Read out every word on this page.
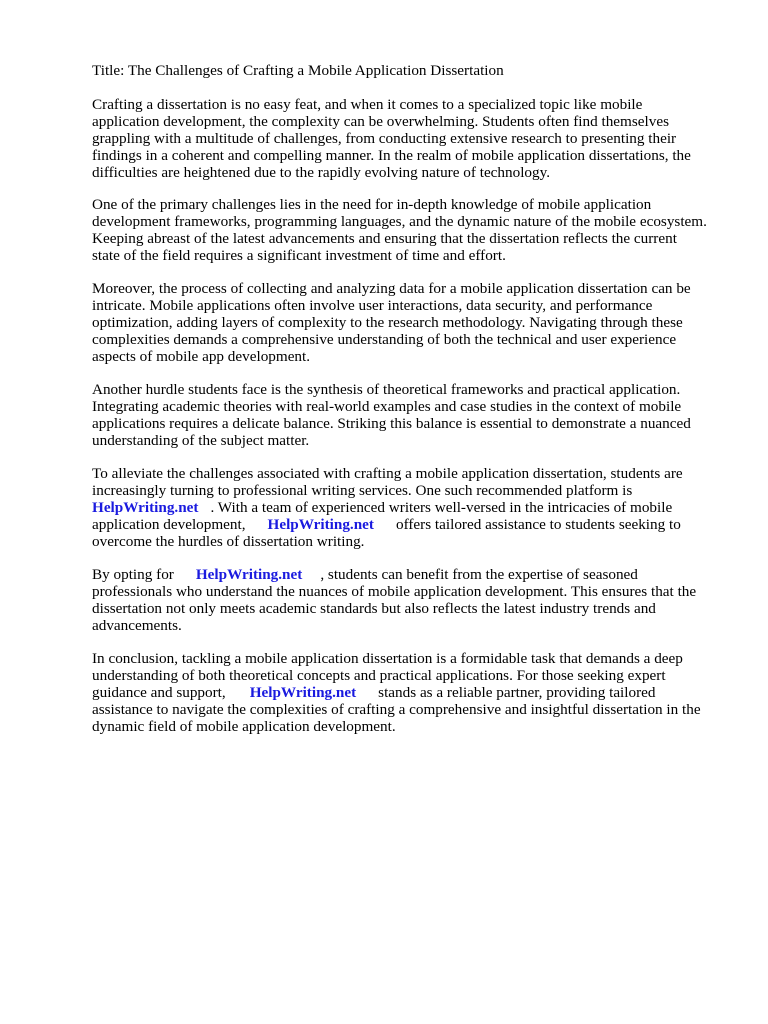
Title: The Challenges of Crafting a Mobile Application Dissertation

Crafting a dissertation is no easy feat, and when it comes to a specialized topic like mobile
application development, the complexity can be overwhelming. Students often find themselves
grappling with a multitude of challenges, from conducting extensive research to presenting their
findings in a coherent and compelling manner. In the realm of mobile application dissertations, the
difficulties are heightened due to the rapidly evolving nature of technology.

One of the primary challenges lies in the need for in-depth knowledge of mobile application
development frameworks, programming languages, and the dynamic nature of the mobile ecosystem.
Keeping abreast of the latest advancements and ensuring that the dissertation reflects the current
state of the field requires a significant investment of time and effort.

Moreover, the process of collecting and analyzing data for a mobile application dissertation can be
intricate. Mobile applications often involve user interactions, data security, and performance
optimization, adding layers of complexity to the research methodology. Navigating through these
complexities demands a comprehensive understanding of both the technical and user experience
aspects of mobile app development.

Another hurdle students face is the synthesis of theoretical frameworks and practical application.
Integrating academic theories with real-world examples and case studies in the context of mobile
applications requires a delicate balance. Striking this balance is essential to demonstrate a nuanced
understanding of the subject matter.

To alleviate the challenges associated with crafting a mobile application dissertation, students are
increasingly turning to professional writing services. One such recommended platform is
HelpWriting.net . With a team of experienced writers well-versed in the intricacies of mobile
application development, HelpWriting.net offers tailored assistance to students seeking to
overcome the hurdles of dissertation writing.

By opting for HelpWriting.net , students can benefit from the expertise of seasoned
professionals who understand the nuances of mobile application development. This ensures that the
dissertation not only meets academic standards but also reflects the latest industry trends and
advancements.

In conclusion, tackling a mobile application dissertation is a formidable task that demands a deep
understanding of both theoretical concepts and practical applications. For those seeking expert
guidance and support, HelpWriting.net stands as a reliable partner, providing tailored
assistance to navigate the complexities of crafting a comprehensive and insightful dissertation in the
dynamic field of mobile application development.
